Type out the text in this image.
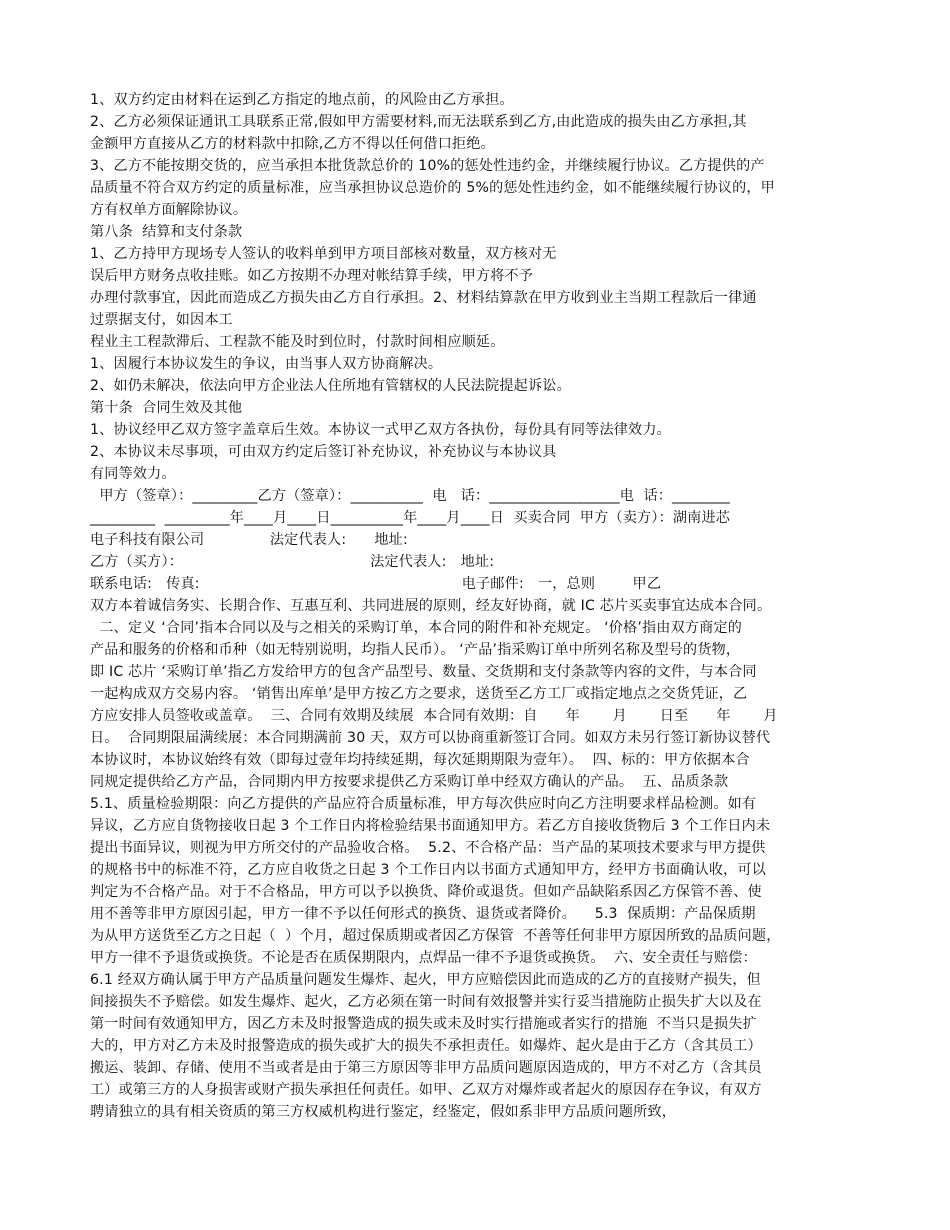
1、双方约定由材料在运到乙方指定的地点前，的风险由乙方承担。
2、乙方必须保证通讯工具联系正常,假如甲方需要材料,而无法联系到乙方,由此造成的损失由乙方承担,其
金额甲方直接从乙方的材料款中扣除,乙方不得以任何借口拒绝。
3、乙方不能按期交货的，应当承担本批货款总价的 10%的惩处性违约金，并继续履行协议。乙方提供的产
品质量不符合双方约定的质量标准，应当承担协议总造价的 5%的惩处性违约金，如不能继续履行协议的，甲
方有权单方面解除协议。
第八条  结算和支付条款
1、乙方持甲方现场专人签认的收料单到甲方项目部核对数量，双方核对无
误后甲方财务点收挂账。如乙方按期不办理对帐结算手续，甲方将不予
办理付款事宜，因此而造成乙方损失由乙方自行承担。2、材料结算款在甲方收到业主当期工程款后一律通
过票据支付，如因本工
程业主工程款滞后、工程款不能及时到位时，付款时间相应顺延。
1、因履行本协议发生的争议，由当事人双方协商解决。
2、如仍未解决，依法向甲方企业法人住所地有管辖权的人民法院提起诉讼。
第十条  合同生效及其他
1、协议经甲乙双方签字盖章后生效。本协议一式甲乙双方各执份，每份具有同等法律效力。
2、本协议未尽事项，可由双方约定后签订补充协议，补充协议与本协议具
有同等效力。
甲方（签章）：_________乙方（签章）：__________  电   话：__________________电  话：________
_________  _________年____月____日__________年____月____日  买卖合同  甲方（卖方）：湖南进芯
电子科技有限公司              法定代表人:      地址:
乙方（买方）：                                        法定代表人:   地址:
联系电话:   传真:                                                        电子邮件:   一，总则        甲乙
双方本着诚信务实、长期合作、互惠互利、共同进展的原则，经友好协商，就 IC 芯片买卖事宜达成本合同。
二、定义 ‘合同’指本合同以及与之相关的采购订单，本合同的附件和补充规定。 ‘价格’指由双方商定的
产品和服务的价格和币种（如无特别说明，均指人民币）。 ‘产品’指采购订单中所列名称及型号的货物，
即 IC 芯片 ‘采购订单’指乙方发给甲方的包含产品型号、数量、交货期和支付条款等内容的文件，与本合同
一起构成双方交易内容。 ‘销售出库单’是甲方按乙方之要求，送货至乙方工厂或指定地点之交货凭证，乙
方应安排人员签收或盖章。  三、合同有效期及续展  本合同有效期：自      年       月       日至      年       月
日。  合同期限届满续展：本合同期满前 30 天，双方可以协商重新签订合同。如双方未另行签订新协议替代
本协议时，本协议始终有效（即每过壹年均持续延期，每次延期期限为壹年）。  四、标的：甲方依据本合
同规定提供给乙方产品，合同期内甲方按要求提供乙方采购订单中经双方确认的产品。  五、品质条款
5.1、质量检验期限：向乙方提供的产品应符合质量标准，甲方每次供应时向乙方注明要求样品检测。如有
异议，乙方应自货物接收日起 3 个工作日内将检验结果书面通知甲方。若乙方自接收货物后 3 个工作日内未
提出书面异议，则视为甲方所交付的产品验收合格。  5.2、不合格产品：当产品的某项技术要求与甲方提供
的规格书中的标准不符，乙方应自收货之日起 3 个工作日内以书面方式通知甲方，经甲方书面确认收，可以
判定为不合格产品。对于不合格品，甲方可以予以换货、降价或退货。但如产品缺陷系因乙方保管不善、使
用不善等非甲方原因引起，甲方一律不予以任何形式的换货、退货或者降价。    5.3  保质期：产品保质期
为从甲方送货至乙方之日起（  ）个月，超过保质期或者因乙方保管  不善等任何非甲方原因所致的品质问题，
甲方一律不予退货或换货。不论是否在质保期限内，点焊品一律不予退货或换货。  六、安全责任与赔偿：
6.1 经双方确认属于甲方产品质量问题发生爆炸、起火，甲方应赔偿因此而造成的乙方的直接财产损失，但
间接损失不予赔偿。如发生爆炸、起火，乙方必须在第一时间有效报警并实行妥当措施防止损失扩大以及在
第一时间有效通知甲方，因乙方未及时报警造成的损失或未及时实行措施或者实行的措施  不当只是损失扩
大的，甲方对乙方未及时报警造成的损失或扩大的损失不承担责任。如爆炸、起火是由于乙方（含其员工）
搬运、装卸、存储、使用不当或者是由于第三方原因等非甲方品质问题原因造成的，甲方不对乙方（含其员
工）或第三方的人身损害或财产损失承担任何责任。如甲、乙双方对爆炸或者起火的原因存在争议，有双方
聘请独立的具有相关资质的第三方权威机构进行鉴定，经鉴定，假如系非甲方品质问题所致，
